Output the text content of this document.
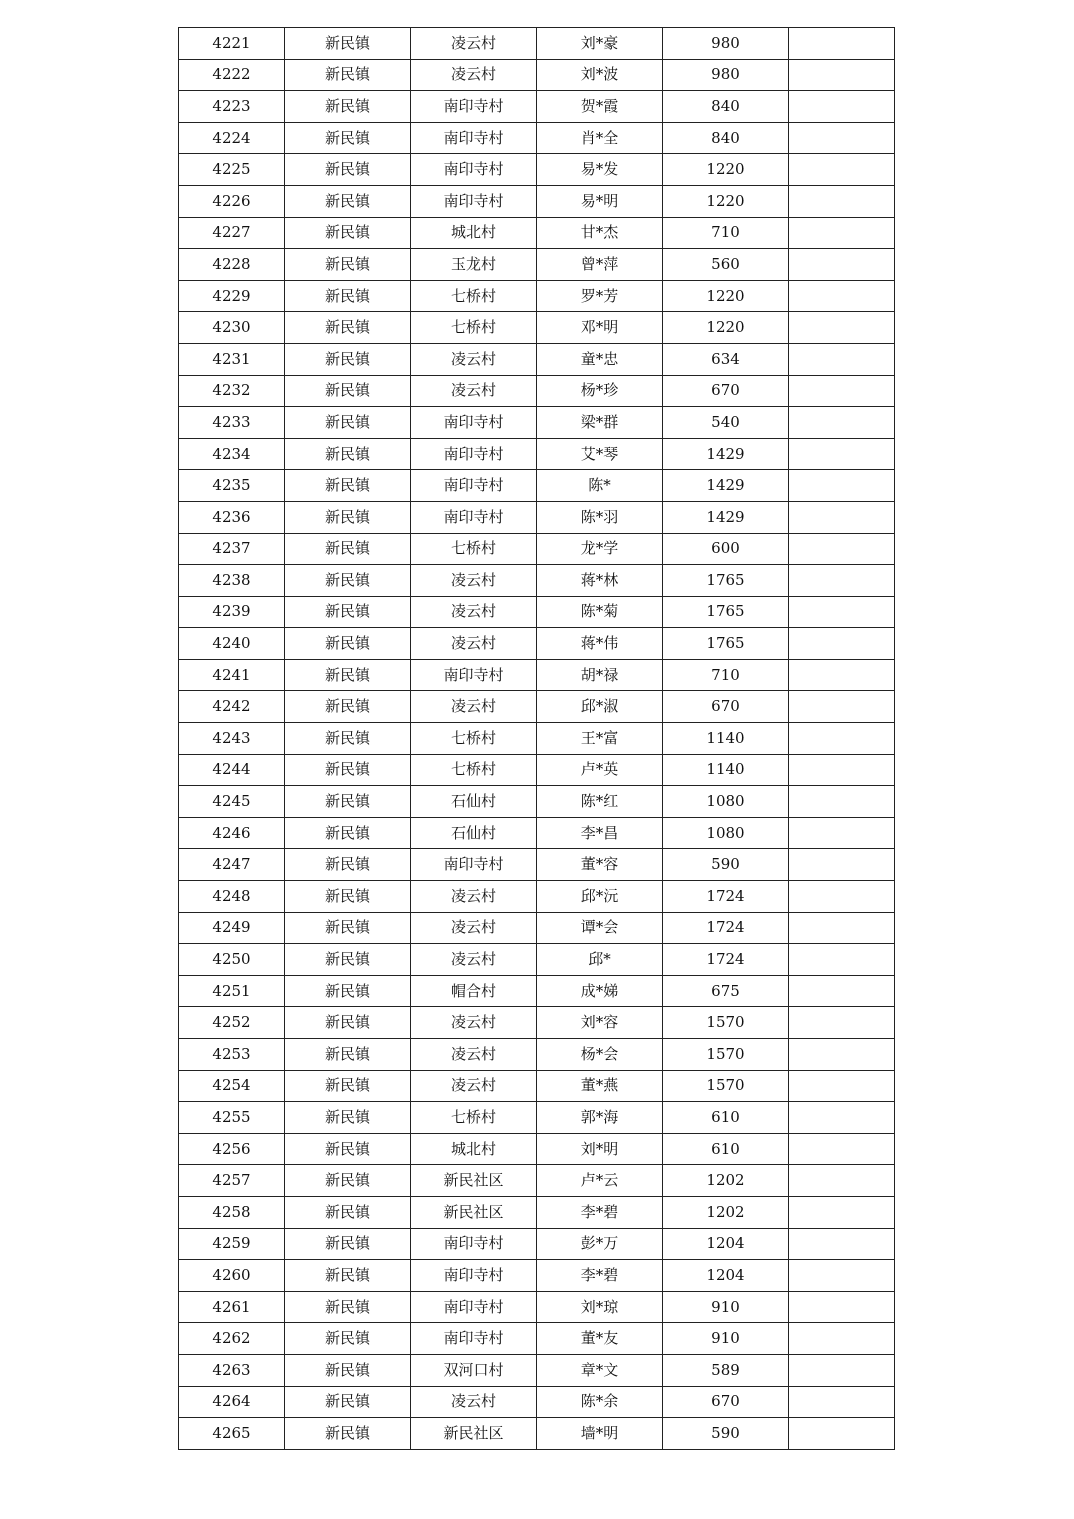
4221	新民镇	凌云村	刘*豪	980	
4222	新民镇	凌云村	刘*波	980	
4223	新民镇	南印寺村	贺*霞	840	
4224	新民镇	南印寺村	肖*全	840	
4225	新民镇	南印寺村	易*发	1220	
4226	新民镇	南印寺村	易*明	1220	
4227	新民镇	城北村	甘*杰	710	
4228	新民镇	玉龙村	曾*萍	560	
4229	新民镇	七桥村	罗*芳	1220	
4230	新民镇	七桥村	邓*明	1220	
4231	新民镇	凌云村	童*忠	634	
4232	新民镇	凌云村	杨*珍	670	
4233	新民镇	南印寺村	梁*群	540	
4234	新民镇	南印寺村	艾*琴	1429	
4235	新民镇	南印寺村	陈*	1429	
4236	新民镇	南印寺村	陈*羽	1429	
4237	新民镇	七桥村	龙*学	600	
4238	新民镇	凌云村	蒋*林	1765	
4239	新民镇	凌云村	陈*菊	1765	
4240	新民镇	凌云村	蒋*伟	1765	
4241	新民镇	南印寺村	胡*禄	710	
4242	新民镇	凌云村	邱*淑	670	
4243	新民镇	七桥村	王*富	1140	
4244	新民镇	七桥村	卢*英	1140	
4245	新民镇	石仙村	陈*红	1080	
4246	新民镇	石仙村	李*昌	1080	
4247	新民镇	南印寺村	董*容	590	
4248	新民镇	凌云村	邱*沅	1724	
4249	新民镇	凌云村	谭*会	1724	
4250	新民镇	凌云村	邱*	1724	
4251	新民镇	帽合村	成*娣	675	
4252	新民镇	凌云村	刘*容	1570	
4253	新民镇	凌云村	杨*会	1570	
4254	新民镇	凌云村	董*燕	1570	
4255	新民镇	七桥村	郭*海	610	
4256	新民镇	城北村	刘*明	610	
4257	新民镇	新民社区	卢*云	1202	
4258	新民镇	新民社区	李*碧	1202	
4259	新民镇	南印寺村	彭*万	1204	
4260	新民镇	南印寺村	李*碧	1204	
4261	新民镇	南印寺村	刘*琼	910	
4262	新民镇	南印寺村	董*友	910	
4263	新民镇	双河口村	章*文	589	
4264	新民镇	凌云村	陈*余	670	
4265	新民镇	新民社区	墙*明	590	
